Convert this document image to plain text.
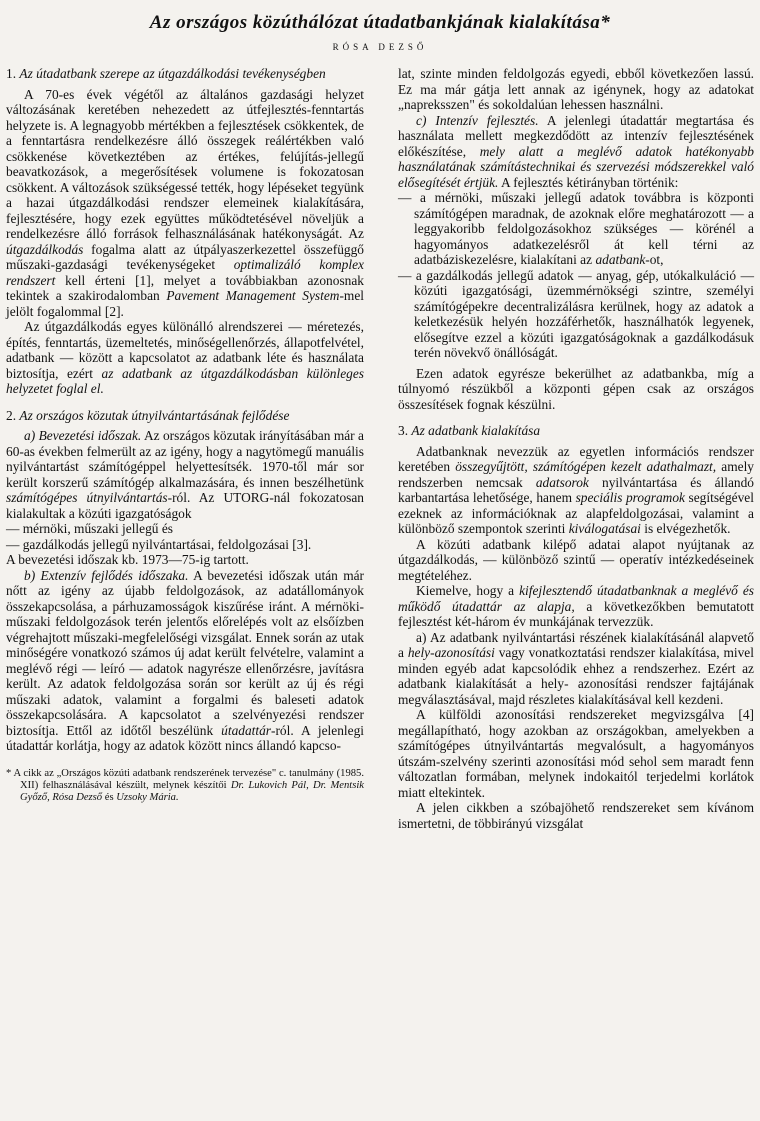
Az országos közúthálózat útadatbankjának kialakítása*
RÓSA DEZSŐ

1. Az útadatbank szerepe az útgazdálkodási tevékenységben

A 70-es évek végétől az általános gazdasági helyzet változásának keretében nehezedett az útfejlesztés-fenntartás helyzete is. A legnagyobb mértékben a fejlesztések csökkentek, de a fenntartásra rendelkezésre álló összegek reálértékben való csökkenése következtében az értékes, felújítás-jellegű beavatkozások, a megerősítések volumene is fokozatosan csökkent. A változások szükségessé tették, hogy lépéseket tegyünk a hazai útgazdálkodási rendszer elemeinek kialakítására, fejlesztésére, hogy ezek együttes működtetésével növeljük a rendelkezésre álló források felhasználásának hatékonyságát. Az útgazdálkodás fogalma alatt az útpályaszerkezettel összefüggő műszaki-gazdasági tevékenységeket optimalizáló komplex rendszert kell érteni [1], melyet a továbbiakban azonosnak tekintek a szakirodalomban Pavement Management System-mel jelölt fogalommal [2].

Az útgazdálkodás egyes különálló alrendszerei — méretezés, építés, fenntartás, üzemeltetés, minőségellenőrzés, állapotfelvétel, adatbank — között a kapcsolatot az adatbank léte és használata biztosítja, ezért az adatbank az útgazdálkodásban különleges helyzetet foglal el.

2. Az országos közutak útnyilvántartásának fejlődése

a) Bevezetési időszak. Az országos közutak irányításában már a 60-as években felmerült az az igény, hogy a nagytömegű manuális nyilvántartást számítógéppel helyettesítsék. 1970-től már sor került korszerű számítógép alkalmazására, és innen beszélhetünk számítógépes útnyilvántartás-ról. Az UTORG-nál fokozatosan kialakultak a közúti igazgatóságok

— mérnöki, műszaki jellegű és

— gazdálkodás jellegű nyilvántartásai, feldolgozásai [3].

A bevezetési időszak kb. 1973—75-ig tartott.

b) Extenzív fejlődés időszaka. A bevezetési időszak után már nőtt az igény az újabb feldolgozások, az adatállományok összekapcsolása, a párhuzamosságok kiszűrése iránt. A mérnöki-műszaki feldolgozások terén jelentős előrelépés volt az elsőízben végrehajtott műszaki-megfelelőségi vizsgálat. Ennek során az utak minőségére vonatkozó számos új adat került felvételre, valamint a meglévő régi — leíró — adatok nagyrésze ellenőrzésre, javításra került. Az adatok feldolgozása során sor került az új és régi műszaki adatok, valamint a forgalmi és baleseti adatok összekapcsolására. A kapcsolatot a szelvényezési rendszer biztosítja. Ettől az időtől beszélünk útadattár-ról. A jelenlegi útadattár korlátja, hogy az adatok között nincs állandó kapcso-

* A cikk az „Országos közúti adatbank rendszerének tervezése" c. tanulmány (1985. XII) felhasználásával készült, melynek készítői Dr. Lukovich Pál, Dr. Mentsik Győző, Rósa Dezső és Uzsoky Mária.

lat, szinte minden feldolgozás egyedi, ebből következően lassú. Ez ma már gátja lett annak az igénynek, hogy az adatokat „napreksszen" és sokoldalúan lehessen használni.

c) Intenzív fejlesztés. A jelenlegi útadattár megtartása és használata mellett megkezdődött az intenzív fejlesztésének előkészítése, mely alatt a meglévő adatok hatékonyabb használatának számítástechnikai és szervezési módszerekkel való elősegítését értjük. A fejlesztés kétirányban történik:

— a mérnöki, műszaki jellegű adatok továbbra is központi számítógépen maradnak, de azoknak előre meghatározott — a leggyakoribb feldolgozásokhoz szükséges — körénél a hagyományos adatkezelésről át kell térni az adatbáziskezelésre, kialakítani az adatbank-ot,

— a gazdálkodás jellegű adatok — anyag, gép, utókalkuláció — közúti igazgatósági, üzemmérnökségi szintre, személyi számítógépekre decentralizálásra kerülnek, hogy az adatok a keletkezésük helyén hozzáférhetők, használhatók legyenek, elősegítve ezzel a közúti igazgatóságoknak a gazdálkodásuk terén növekvő önállóságát.

Ezen adatok egyrésze bekerülhet az adatbankba, míg a túlnyomó részükből a központi gépen csak az országos összesítések fognak készülni.

3. Az adatbank kialakítása

Adatbanknak nevezzük az egyetlen információs rendszer keretében összegyűjtött, számítógépen kezelt adathalmazt, amely rendszerben nemcsak adatsorok nyilvántartása és állandó karbantartása lehetősége, hanem speciális programok segítségével ezeknek az információknak az alapfeldolgozásai, valamint a különböző szempontok szerinti kiválogatásai is elvégezhetők.

A közúti adatbank kilépő adatai alapot nyújtanak az útgazdálkodás, — különböző szintű — operatív intézkedéseinek megtételéhez.

Kiemelve, hogy a kifejlesztendő útadatbanknak a meglévő és működő útadattár az alapja, a következőkben bemutatott fejlesztést két-három év munkájának tervezzük.

a) Az adatbank nyilvántartási részének kialakításánál alapvető a hely-azonosítási vagy vonatkoztatási rendszer kialakítása, mivel minden egyéb adat kapcsolódik ehhez a rendszerhez. Ezért az adatbank kialakítását a hely- azonosítási rendszer fajtájának megválasztásával, majd részletes kialakításával kell kezdeni.

A külföldi azonosítási rendszereket megvizsgálva [4] megállapítható, hogy azokban az országokban, amelyekben a számítógépes útnyilvántartás megvalósult, a hagyományos útszám-szelvény szerinti azonosítási mód sehol sem maradt fenn változatlan formában, melynek indokaitól terjedelmi korlátok miatt eltekintek.

A jelen cikkben a szóbajöhető rendszereket sem kívánom ismertetni, de többirányú vizsgálat
